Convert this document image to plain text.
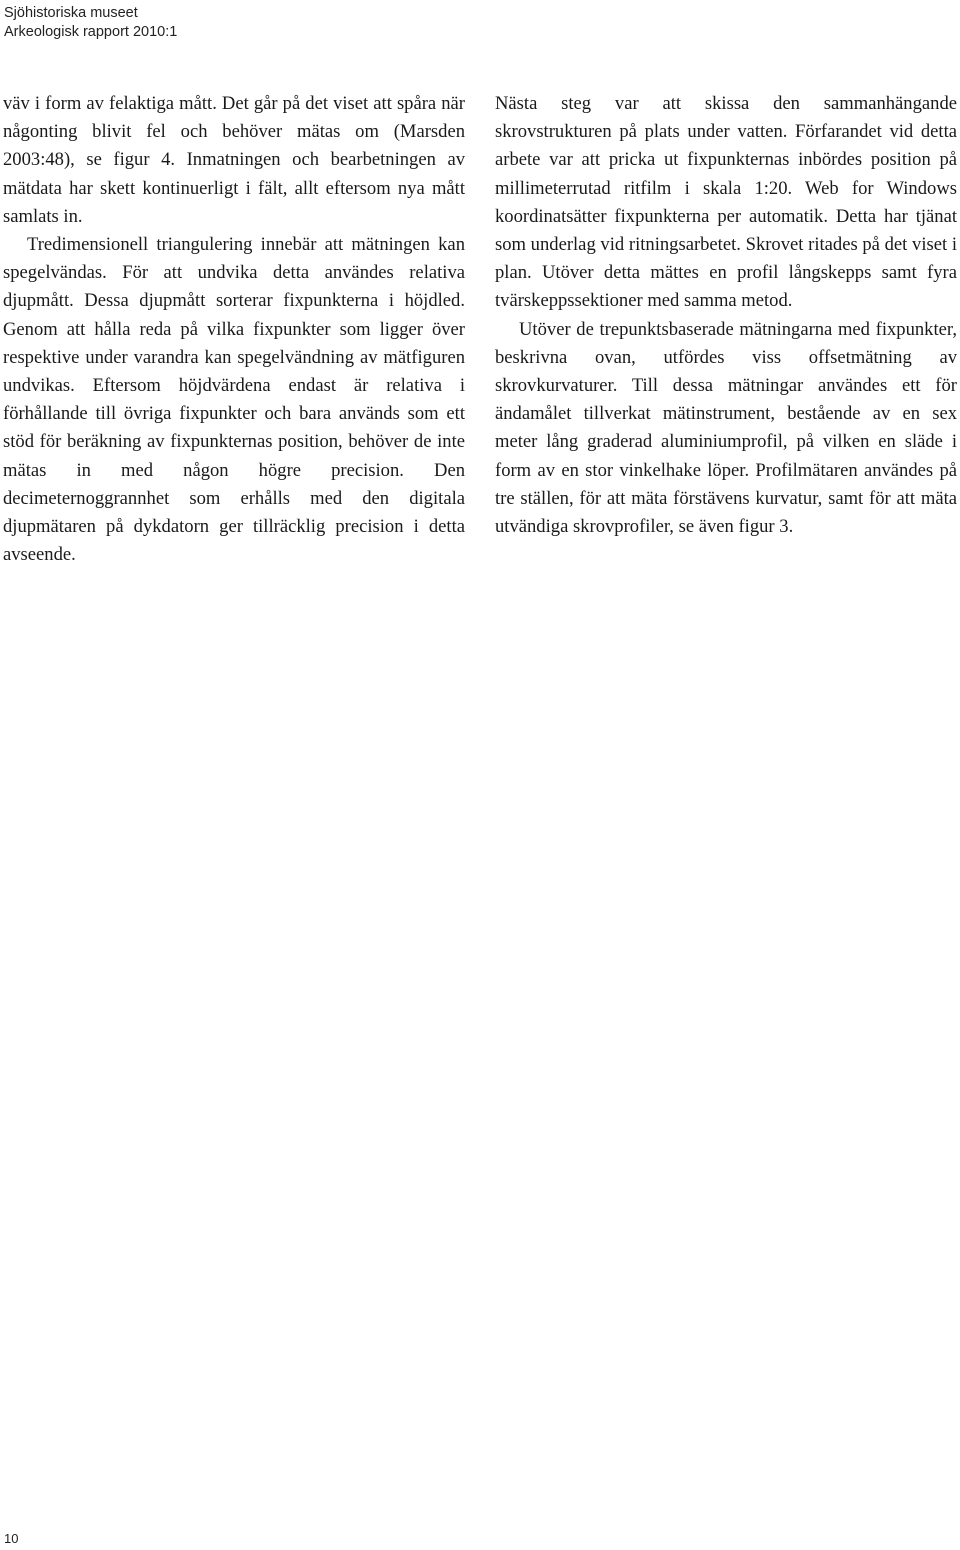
Sjöhistoriska museet
Arkeologisk rapport 2010:1

väv i form av felaktiga mått. Det går på det viset att spåra när någonting blivit fel och behöver mätas om (Marsden 2003:48), se figur 4. Inmatningen och bearbetningen av mätdata har skett kontinuerligt i fält, allt eftersom nya mått samlats in.

Tredimensionell triangulering innebär att mätningen kan spegelvändas. För att undvika detta användes relativa djupmått. Dessa djupmått sorterar fixpunkterna i höjdled. Genom att hålla reda på vilka fixpunkter som ligger över respektive under varandra kan spegelvändning av mätfiguren undvikas. Eftersom höjdvärdena endast är relativa i förhållande till övriga fixpunkter och bara används som ett stöd för beräkning av fixpunkternas position, behöver de inte mätas in med någon högre precision. Den decimeternoggrannhet som erhålls med den digitala djupmätaren på dykdatorn ger tillräcklig precision i detta avseende.

Nästa steg var att skissa den sammanhängande skrovstrukturen på plats under vatten. Förfarandet vid detta arbete var att pricka ut fixpunkternas inbördes position på millimeterrutad ritfilm i skala 1:20. Web for Windows koordinatsätter fixpunkterna per automatik. Detta har tjänat som underlag vid ritningsarbetet. Skrovet ritades på det viset i plan. Utöver detta mättes en profil långskepps samt fyra tvärskeppssektioner med samma metod.

Utöver de trepunktsbaserade mätningarna med fixpunkter, beskrivna ovan, utfördes viss offsetmätning av skrovkurvaturer. Till dessa mätningar användes ett för ändamålet tillverkat mätinstrument, bestående av en sex meter lång graderad aluminiumprofil, på vilken en släde i form av en stor vinkelhake löper. Profilmätaren användes på tre ställen, för att mäta förstävens kurvatur, samt för att mäta utvändiga skrovprofiler, se även figur 3.

10
